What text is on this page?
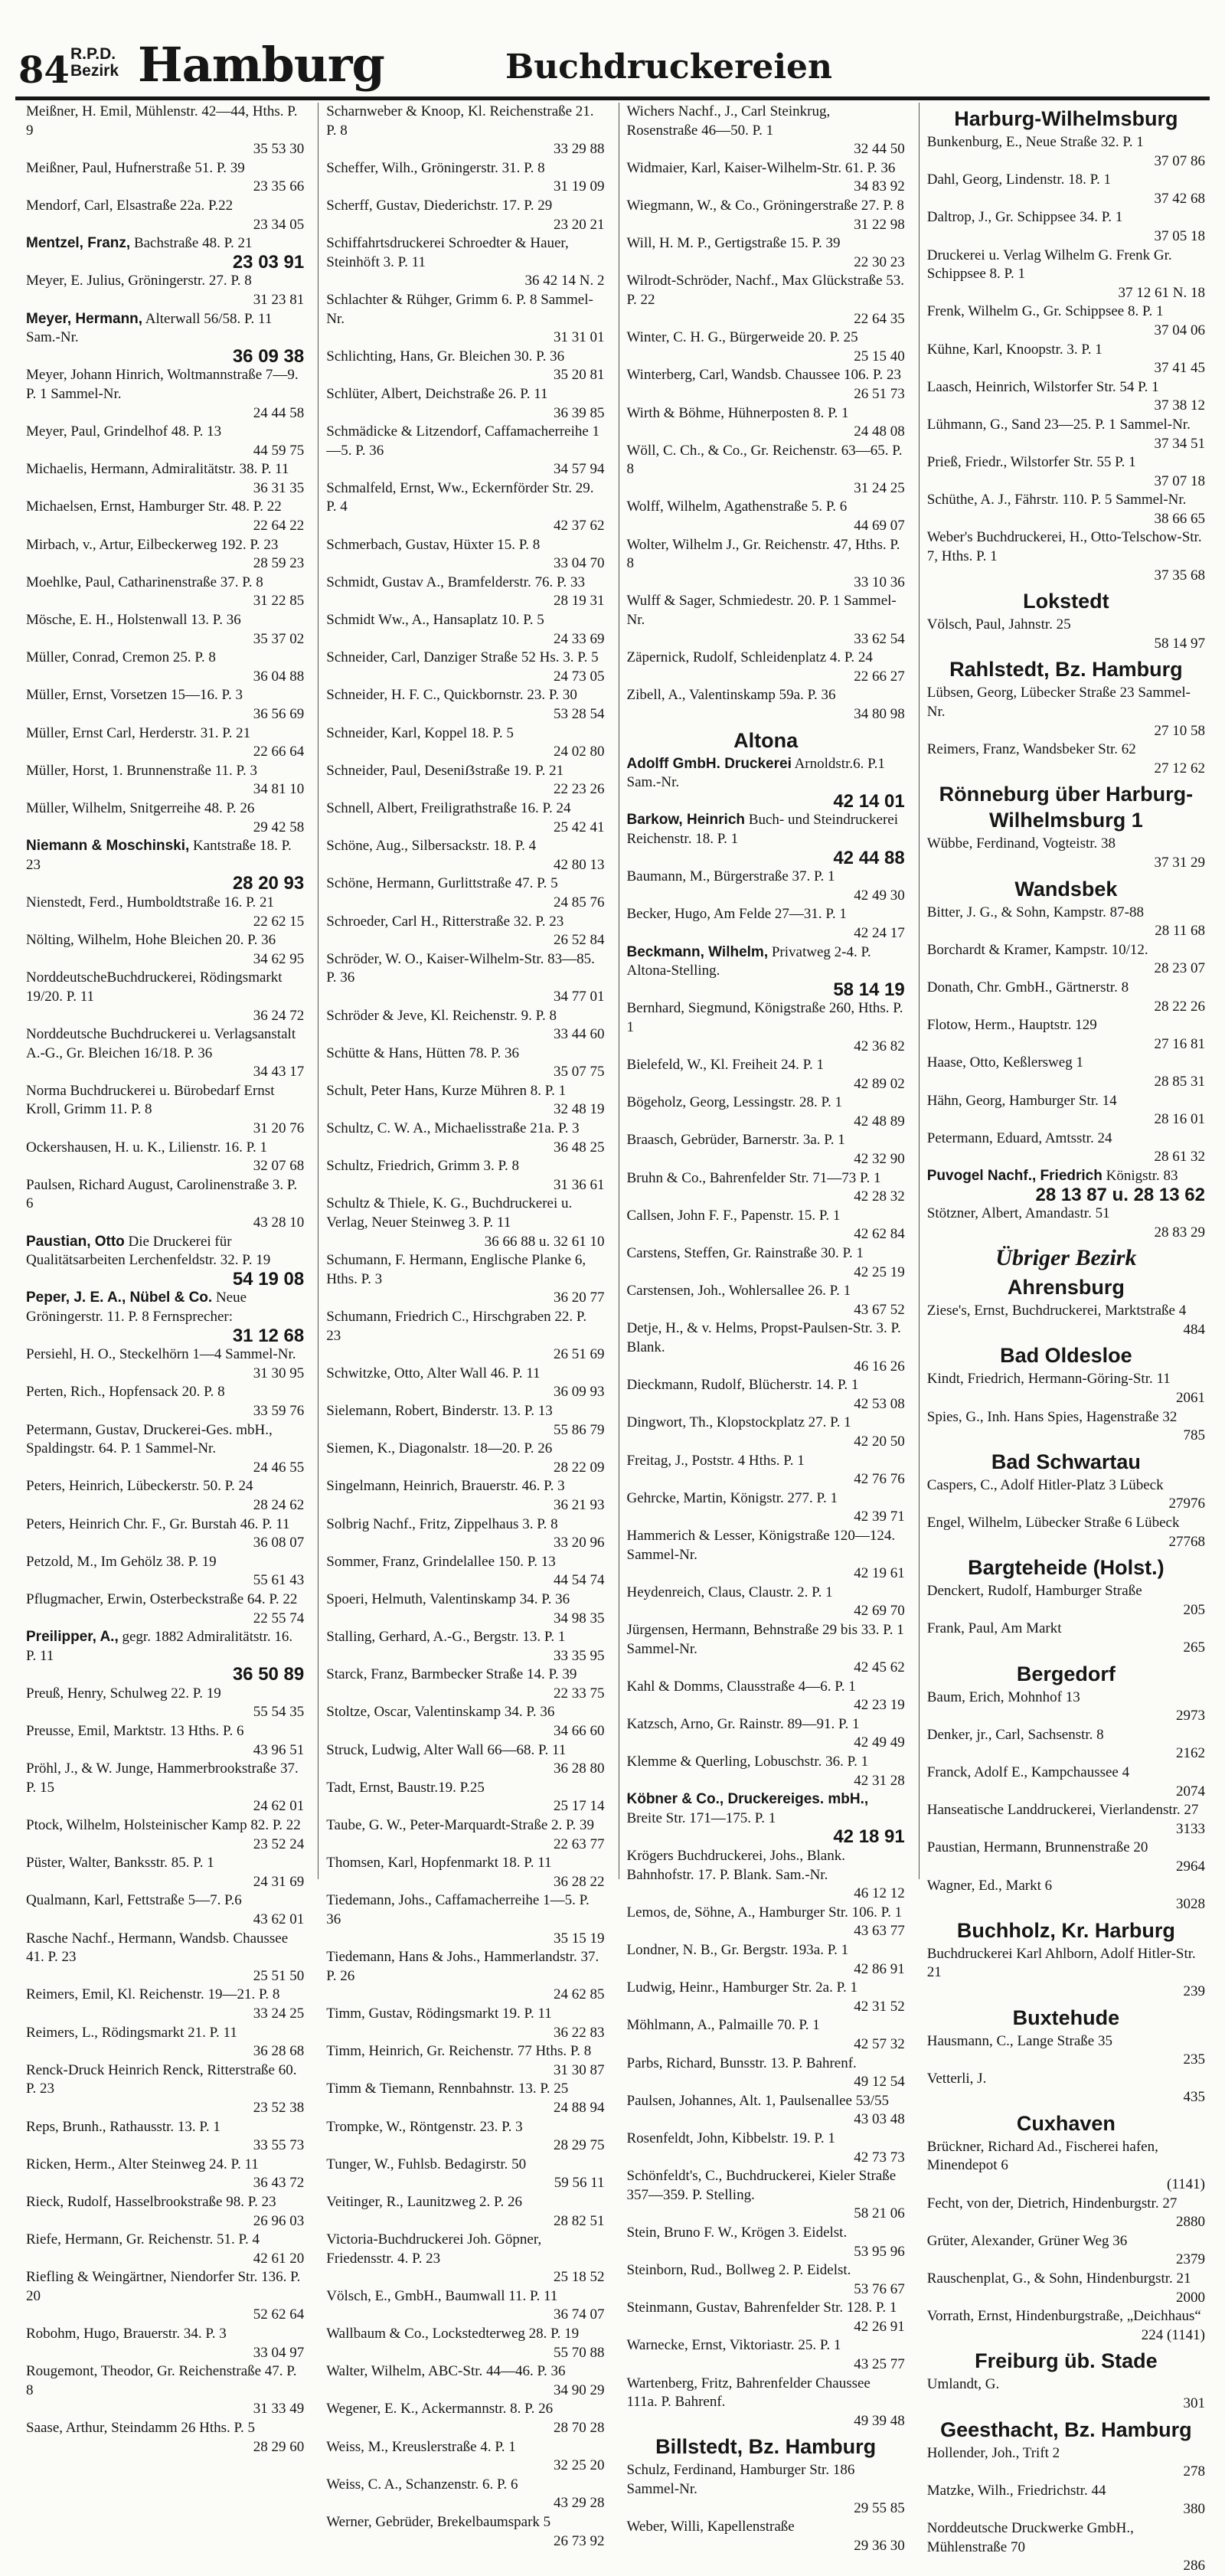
84 R.P.D.
Bezirk Hamburg	Buchdruckereien
Meißner, H. Emil, Mühlenstr. 42—44, Hths. P. 9
35 53 30
Meißner, Paul, Hufnerstraße 51. P. 39
23 35 66
Mendorf, Carl, Elsastraße 22a. P.22
23 34 05
Mentzel, Franz, Bachstraße 48. P. 21
23 03 91
Meyer, E. Julius, Gröningerstr. 27. P. 8
31 23 81
Meyer, Hermann, Alterwall 56/58. P. 11 Sam.-Nr.
36 09 38
Meyer, Johann Hinrich, Woltmannstraße 7—9. P. 1 Sammel-Nr.
24 44 58
Meyer, Paul, Grindelhof 48. P. 13
44 59 75
Michaelis, Hermann, Admiralitätstr. 38. P. 11
36 31 35
Michaelsen, Ernst, Hamburger Str. 48. P. 22
22 64 22
Mirbach, v., Artur, Eilbeckerweg 192. P. 23
28 59 23
Moehlke, Paul, Catharinenstraße 37. P. 8
31 22 85
Mösche, E. H., Holstenwall 13. P. 36
35 37 02
Müller, Conrad, Cremon 25. P. 8
36 04 88
Müller, Ernst, Vorsetzen 15—16. P. 3
36 56 69
Müller, Ernst Carl, Herderstr. 31. P. 21
22 66 64
Müller, Horst, 1. Brunnenstraße 11. P. 3
34 81 10
Müller, Wilhelm, Snitgerreihe 48. P. 26
29 42 58
Niemann & Moschinski, Kantstraße 18. P. 23
28 20 93
Nienstedt, Ferd., Humboldtstraße 16. P. 21
22 62 15
Nölting, Wilhelm, Hohe Bleichen 20. P. 36
34 62 95
NorddeutscheBuchdruckerei, Rödingsmarkt 19/20. P. 11
36 24 72
Norddeutsche Buchdruckerei u. Verlagsanstalt A.-G., Gr. Bleichen 16/18. P. 36
34 43 17
Norma Buchdruckerei u. Bürobedarf Ernst Kroll, Grimm 11. P. 8
31 20 76
Ockershausen, H. u. K., Lilienstr. 16. P. 1
32 07 68
Paulsen, Richard August, Carolinenstraße 3. P. 6
43 28 10
Paustian, Otto Die Druckerei für Qualitätsarbeiten Lerchenfeldstr. 32. P. 19
54 19 08
Peper, J. E. A., Nübel & Co. Neue Gröningerstr. 11. P. 8 Fernsprecher:
31 12 68
Persiehl, H. O., Steckelhörn 1—4 Sammel-Nr.
31 30 95
Perten, Rich., Hopfensack 20. P. 8
33 59 76
Petermann, Gustav, Druckerei-Ges. mbH., Spaldingstr. 64. P. 1 Sammel-Nr.
24 46 55
Peters, Heinrich, Lübeckerstr. 50. P. 24
28 24 62
Peters, Heinrich Chr. F., Gr. Burstah 46. P. 11
36 08 07
Petzold, M., Im Gehölz 38. P. 19
55 61 43
Pflugmacher, Erwin, Osterbeckstraße 64. P. 22
22 55 74
Preilipper, A., gegr. 1882 Admiralitätstr. 16. P. 11
36 50 89
Preuß, Henry, Schulweg 22. P. 19
55 54 35
Preusse, Emil, Marktstr. 13 Hths. P. 6
43 96 51
Pröhl, J., & W. Junge, Hammerbrookstraße 37. P. 15
24 62 01
Ptock, Wilhelm, Holsteinischer Kamp 82. P. 22
23 52 24
Püster, Walter, Banksstr. 85. P. 1
24 31 69
Qualmann, Karl, Fettstraße 5—7. P.6
43 62 01
Rasche Nachf., Hermann, Wandsb. Chaussee 41. P. 23
25 51 50
Reimers, Emil, Kl. Reichenstr. 19—21. P. 8
33 24 25
Reimers, L., Rödingsmarkt 21. P. 11
36 28 68
Renck-Druck Heinrich Renck, Ritterstraße 60. P. 23
23 52 38
Reps, Brunh., Rathausstr. 13. P. 1
33 55 73
Ricken, Herm., Alter Steinweg 24. P. 11
36 43 72
Rieck, Rudolf, Hasselbrookstraße 98. P. 23
26 96 03
Riefe, Hermann, Gr. Reichenstr. 51. P. 4
42 61 20
Riefling & Weingärtner, Niendorfer Str. 136. P. 20
52 62 64
Robohm, Hugo, Brauerstr. 34. P. 3
33 04 97
Rougemont, Theodor, Gr. Reichenstraße 47. P. 8
31 33 49
Saase, Arthur, Steindamm 26 Hths. P. 5
28 29 60
Scharnweber & Knoop, Kl. Reichenstraße 21. P. 8
33 29 88
Scheffer, Wilh., Gröningerstr. 31. P. 8
31 19 09
Scherff, Gustav, Diederichstr. 17. P. 29
23 20 21
Schiffahrtsdruckerei Schroedter & Hauer, Steinhöft 3. P. 11
36 42 14 N. 2
Schlachter & Rühger, Grimm 6. P. 8 Sammel-Nr.
31 31 01
Schlichting, Hans, Gr. Bleichen 30. P. 36
35 20 81
Schlüter, Albert, Deichstraße 26. P. 11
36 39 85
Schmädicke & Litzendorf, Caffamacherreihe 1—5. P. 36
34 57 94
Schmalfeld, Ernst, Ww., Eckernförder Str. 29. P. 4
42 37 62
Schmerbach, Gustav, Hüxter 15. P. 8
33 04 70
Schmidt, Gustav A., Bramfelderstr. 76. P. 33
28 19 31
Schmidt Ww., A., Hansaplatz 10. P. 5
24 33 69
Schneider, Carl, Danziger Straße 52 Hs. 3. P. 5
24 73 05
Schneider, H. F. C., Quickbornstr. 23. P. 30
53 28 54
Schneider, Karl, Koppel 18. P. 5
24 02 80
Schneider, Paul, Deseniẞstraße 19. P. 21
22 23 26
Schnell, Albert, Freiligrathstraße 16. P. 24
25 42 41
Schöne, Aug., Silbersackstr. 18. P. 4
42 80 13
Schöne, Hermann, Gurlittstraße 47. P. 5
24 85 76
Schroeder, Carl H., Ritterstraße 32. P. 23
26 52 84
Schröder, W. O., Kaiser-Wilhelm-Str. 83—85. P. 36
34 77 01
Schröder & Jeve, Kl. Reichenstr. 9. P. 8
33 44 60
Schütte & Hans, Hütten 78. P. 36
35 07 75
Schult, Peter Hans, Kurze Mühren 8. P. 1
32 48 19
Schultz, C. W. A., Michaelisstraße 21a. P. 3
36 48 25
Schultz, Friedrich, Grimm 3. P. 8
31 36 61
Schultz & Thiele, K. G., Buchdruckerei u. Verlag, Neuer Steinweg 3. P. 11
36 66 88 u. 32 61 10
Schumann, F. Hermann, Englische Planke 6, Hths. P. 3
36 20 77
Schumann, Friedrich C., Hirschgraben 22. P. 23
26 51 69
Schwitzke, Otto, Alter Wall 46. P. 11
36 09 93
Sielemann, Robert, Binderstr. 13. P. 13
55 86 79
Siemen, K., Diagonalstr. 18—20. P. 26
28 22 09
Singelmann, Heinrich, Brauerstr. 46. P. 3
36 21 93
Solbrig Nachf., Fritz, Zippelhaus 3. P. 8
33 20 96
Sommer, Franz, Grindelallee 150. P. 13
44 54 74
Spoeri, Helmuth, Valentinskamp 34. P. 36
34 98 35
Stalling, Gerhard, A.-G., Bergstr. 13. P. 1
33 35 95
Starck, Franz, Barmbecker Straße 14. P. 39
22 33 75
Stoltze, Oscar, Valentinskamp 34. P. 36
34 66 60
Struck, Ludwig, Alter Wall 66—68. P. 11
36 28 80
Tadt, Ernst, Baustr.19. P.25
25 17 14
Taube, G. W., Peter-Marquardt-Straße 2. P. 39
22 63 77
Thomsen, Karl, Hopfenmarkt 18. P. 11
36 28 22
Tiedemann, Johs., Caffamacherreihe 1—5. P. 36
35 15 19
Tiedemann, Hans & Johs., Hammerlandstr. 37. P. 26
24 62 85
Timm, Gustav, Rödingsmarkt 19. P. 11
36 22 83
Timm, Heinrich, Gr. Reichenstr. 77 Hths. P. 8
31 30 87
Timm & Tiemann, Rennbahnstr. 13. P. 25
24 88 94
Trompke, W., Röntgenstr. 23. P. 3
28 29 75
Tunger, W., Fuhlsb. Bedagirstr. 50
59 56 11
Veitinger, R., Launitzweg 2. P. 26
28 82 51
Victoria-Buchdruckerei Joh. Göpner, Friedensstr. 4. P. 23
25 18 52
Völsch, E., GmbH., Baumwall 11. P. 11
36 74 07
Wallbaum & Co., Lockstedterweg 28. P. 19
55 70 88
Walter, Wilhelm, ABC-Str. 44—46. P. 36
34 90 29
Wegener, E. K., Ackermannstr. 8. P. 26
28 70 28
Weiss, M., Kreuslerstraße 4. P. 1
32 25 20
Weiss, C. A., Schanzenstr. 6. P. 6
43 29 28
Werner, Gebrüder, Brekelbaumspark 5
26 73 92
Wichers Nachf., J., Carl Steinkrug, Rosenstraße 46—50. P. 1
32 44 50
Widmaier, Karl, Kaiser-Wilhelm-Str. 61. P. 36
34 83 92
Wiegmann, W., & Co., Gröningerstraße 27. P. 8
31 22 98
Will, H. M. P., Gertigstraße 15. P. 39
22 30 23
Wilrodt-Schröder, Nachf., Max Glückstraße 53. P. 22
22 64 35
Winter, C. H. G., Bürgerweide 20. P. 25
25 15 40
Winterberg, Carl, Wandsb. Chaussee 106. P. 23
26 51 73
Wirth & Böhme, Hühnerposten 8. P. 1
24 48 08
Wöll, C. Ch., & Co., Gr. Reichenstr. 63—65. P. 8
31 24 25
Wolff, Wilhelm, Agathenstraße 5. P. 6
44 69 07
Wolter, Wilhelm J., Gr. Reichenstr. 47, Hths. P. 8
33 10 36
Wulff & Sager, Schmiedestr. 20. P. 1 Sammel-Nr.
33 62 54
Zäpernick, Rudolf, Schleidenplatz 4. P. 24
22 66 27
Zibell, A., Valentinskamp 59a. P. 36
34 80 98
Altona
Adolff GmbH. Druckerei Arnoldstr.6. P.1 Sam.-Nr.
42 14 01
Barkow, Heinrich Buch- und Steindruckerei Reichenstr. 18. P. 1
42 44 88
Baumann, M., Bürgerstraße 37. P. 1
42 49 30
Becker, Hugo, Am Felde 27—31. P. 1
42 24 17
Beckmann, Wilhelm, Privatweg 2-4. P. Altona-Stelling.
58 14 19
Bernhard, Siegmund, Königstraße 260, Hths. P. 1
42 36 82
Bielefeld, W., Kl. Freiheit 24. P. 1
42 89 02
Bögeholz, Georg, Lessingstr. 28. P. 1
42 48 89
Braasch, Gebrüder, Barnerstr. 3a. P. 1
42 32 90
Bruhn & Co., Bahrenfelder Str. 71—73 P. 1
42 28 32
Callsen, John F. F., Papenstr. 15. P. 1
42 62 84
Carstens, Steffen, Gr. Rainstraße 30. P. 1
42 25 19
Carstensen, Joh., Wohlersallee 26. P. 1
43 67 52
Detje, H., & v. Helms, Propst-Paulsen-Str. 3. P. Blank.
46 16 26
Dieckmann, Rudolf, Blücherstr. 14. P. 1
42 53 08
Dingwort, Th., Klopstockplatz 27. P. 1
42 20 50
Freitag, J., Poststr. 4 Hths. P. 1
42 76 76
Gehrcke, Martin, Königstr. 277. P. 1
42 39 71
Hammerich & Lesser, Königstraße 120—124. Sammel-Nr.
42 19 61
Heydenreich, Claus, Claustr. 2. P. 1
42 69 70
Jürgensen, Hermann, Behnstraße 29 bis 33. P. 1 Sammel-Nr.
42 45 62
Kahl & Domms, Clausstraße 4—6. P. 1
42 23 19
Katzsch, Arno, Gr. Rainstr. 89—91. P. 1
42 49 49
Klemme & Querling, Lobuschstr. 36. P. 1
42 31 28
Köbner & Co., Druckereiges. mbH., Breite Str. 171—175. P. 1
42 18 91
Krögers Buchdruckerei, Johs., Blank. Bahnhofstr. 17. P. Blank. Sam.-Nr.
46 12 12
Lemos, de, Söhne, A., Hamburger Str. 106. P. 1
43 63 77
Londner, N. B., Gr. Bergstr. 193a. P. 1
42 86 91
Ludwig, Heinr., Hamburger Str. 2a. P. 1
42 31 52
Möhlmann, A., Palmaille 70. P. 1
42 57 32
Parbs, Richard, Bunsstr. 13. P. Bahrenf.
49 12 54
Paulsen, Johannes, Alt. 1, Paulsenallee 53/55
43 03 48
Rosenfeldt, John, Kibbelstr. 19. P. 1
42 73 73
Schönfeldt's, C., Buchdruckerei, Kieler Straße 357—359. P. Stelling.
58 21 06
Stein, Bruno F. W., Krögen 3. Eidelst.
53 95 96
Steinborn, Rud., Bollweg 2. P. Eidelst.
53 76 67
Steinmann, Gustav, Bahrenfelder Str. 128. P. 1
42 26 91
Warnecke, Ernst, Viktoriastr. 25. P. 1
43 25 77
Wartenberg, Fritz, Bahrenfelder Chaussee 111a. P. Bahrenf.
49 39 48
Billstedt, Bz. Hamburg
Schulz, Ferdinand, Hamburger Str. 186 Sammel-Nr.
29 55 85
Weber, Willi, Kapellenstraße
29 36 30
Harburg-Wilhelmsburg
Bunkenburg, E., Neue Straße 32. P. 1
37 07 86
Dahl, Georg, Lindenstr. 18. P. 1
37 42 68
Daltrop, J., Gr. Schippsee 34. P. 1
37 05 18
Druckerei u. Verlag Wilhelm G. Frenk Gr. Schippsee 8. P. 1
37 12 61 N. 18
Frenk, Wilhelm G., Gr. Schippsee 8. P. 1
37 04 06
Kühne, Karl, Knoopstr. 3. P. 1
37 41 45
Laasch, Heinrich, Wilstorfer Str. 54 P. 1
37 38 12
Lühmann, G., Sand 23—25. P. 1 Sammel-Nr.
37 34 51
Prieß, Friedr., Wilstorfer Str. 55 P. 1
37 07 18
Schüthe, A. J., Fährstr. 110. P. 5 Sammel-Nr.
38 66 65
Weber's Buchdruckerei, H., Otto-Telschow-Str. 7, Hths. P. 1
37 35 68
Lokstedt
Völsch, Paul, Jahnstr. 25
58 14 97
Rahlstedt, Bz. Hamburg
Lübsen, Georg, Lübecker Straße 23 Sammel-Nr.
27 10 58
Reimers, Franz, Wandsbeker Str. 62
27 12 62
Rönneburg über Harburg-Wilhelmsburg 1
Wübbe, Ferdinand, Vogteistr. 38
37 31 29
Wandsbek
Bitter, J. G., & Sohn, Kampstr. 87-88
28 11 68
Borchardt & Kramer, Kampstr. 10/12.
28 23 07
Donath, Chr. GmbH., Gärtnerstr. 8
28 22 26
Flotow, Herm., Hauptstr. 129
27 16 81
Haase, Otto, Keßlersweg 1
28 85 31
Hähn, Georg, Hamburger Str. 14
28 16 01
Petermann, Eduard, Amtsstr. 24
28 61 32
Puvogel Nachf., Friedrich Königstr. 83
28 13 87 u. 28 13 62
Stötzner, Albert, Amandastr. 51
28 83 29
Übriger Bezirk
Ahrensburg
Ziese's, Ernst, Buchdruckerei, Marktstraße 4
484
Bad Oldesloe
Kindt, Friedrich, Hermann-Göring-Str. 11
2061
Spies, G., Inh. Hans Spies, Hagenstraße 32
785
Bad Schwartau
Caspers, C., Adolf Hitler-Platz 3 Lübeck
27976
Engel, Wilhelm, Lübecker Straße 6 Lübeck
27768
Bargteheide (Holst.)
Denckert, Rudolf, Hamburger Straße
205
Frank, Paul, Am Markt
265
Bergedorf
Baum, Erich, Mohnhof 13
2973
Denker, jr., Carl, Sachsenstr. 8
2162
Franck, Adolf E., Kampchaussee 4
2074
Hanseatische Landdruckerei, Vierlandenstr. 27
3133
Paustian, Hermann, Brunnenstraße 20
2964
Wagner, Ed., Markt 6
3028
Buchholz, Kr. Harburg
Buchdruckerei Karl Ahlborn, Adolf Hitler-Str. 21
239
Buxtehude
Hausmann, C., Lange Straße 35
235
Vetterli, J.
435
Cuxhaven
Brückner, Richard Ad., Fischerei hafen, Minendepot 6
(1141)
Fecht, von der, Dietrich, Hindenburgstr. 27
2880
Grüter, Alexander, Grüner Weg 36
2379
Rauschenplat, G., & Sohn, Hindenburgstr. 21
2000
Vorrath, Ernst, Hindenburgstraße, „Deichhaus“
224 (1141)
Freiburg üb. Stade
Umlandt, G.
301
Geesthacht, Bz. Hamburg
Hollender, Joh., Trift 2
278
Matzke, Wilh., Friedrichstr. 44
380
Norddeutsche Druckwerke GmbH., Mühlenstraße 70
286
